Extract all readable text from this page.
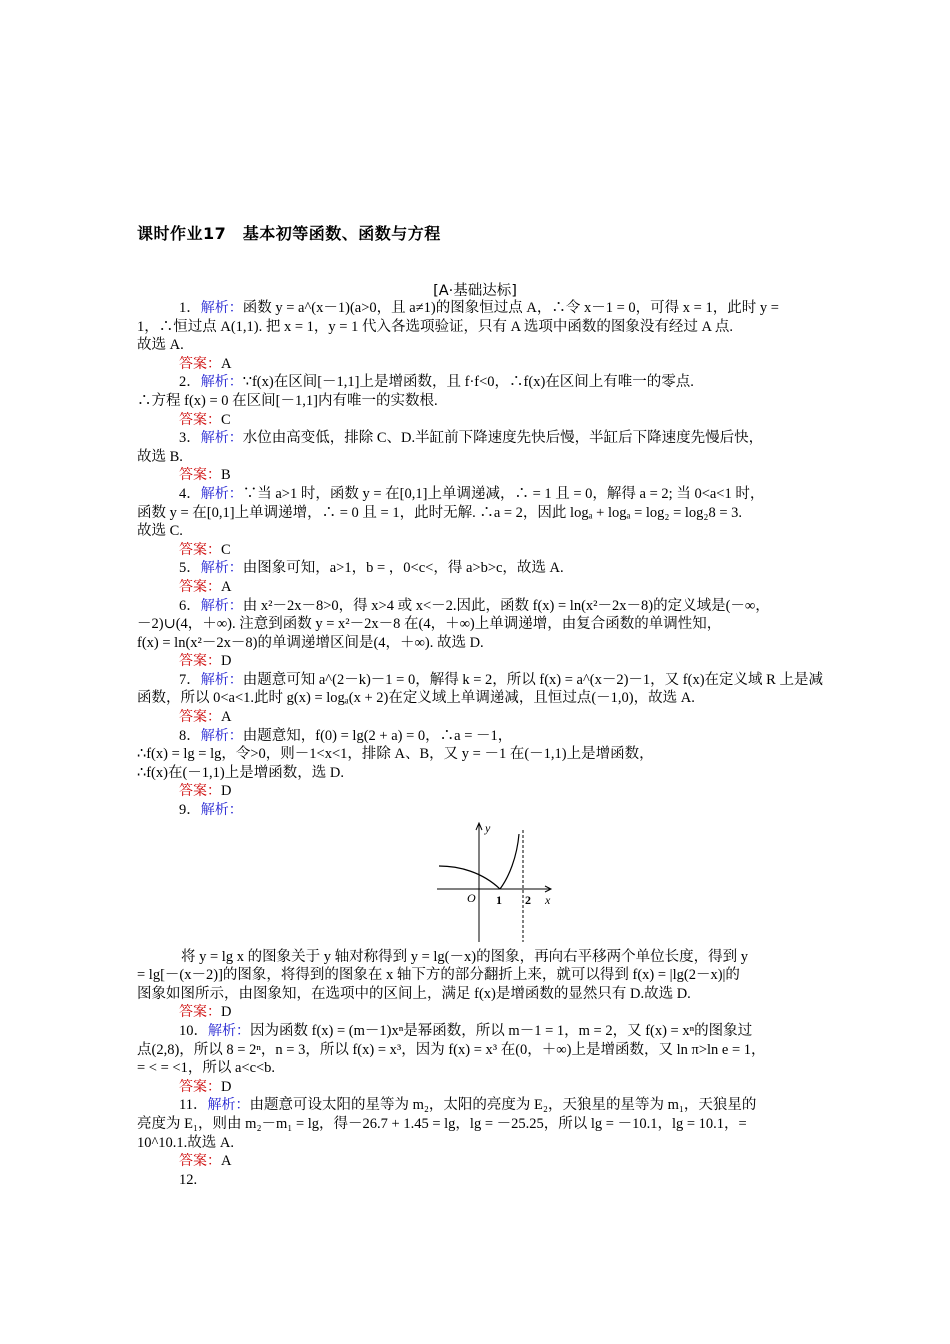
课时作业17　基本初等函数、函数与方程
[A·基础达标]
1．解析：函数 y = a^(x－1)(a>0，且 a≠1)的图象恒过点 A，∴令 x－1 = 0，可得 x = 1，此时 y =
1，∴恒过点 A(1,1). 把 x = 1，y = 1 代入各选项验证，只有 A 选项中函数的图象没有经过 A 点.
故选 A.
答案：A
2．解析：∵f(x)在区间[－1,1]上是增函数，且 f·f<0，∴f(x)在区间上有唯一的零点.
∴方程 f(x) = 0 在区间[－1,1]内有唯一的实数根.
答案：C
3．解析：水位由高变低，排除 C、D.半缸前下降速度先快后慢，半缸后下降速度先慢后快，
故选 B.
答案：B
4．解析：∵当 a>1 时，函数 y = 在[0,1]上单调递减，∴ = 1 且 = 0，解得 a = 2; 当 0<a<1 时，
函数 y = 在[0,1]上单调递增，∴ = 0 且 = 1，此时无解. ∴a = 2，因此 logₐ + logₐ = log₂ = log₂8 = 3.
故选 C.
答案：C
5．解析：由图象可知，a>1，b = ，0<c<，得 a>b>c，故选 A.
答案：A
6．解析：由 x²－2x－8>0，得 x>4 或 x<－2.因此，函数 f(x) = ln(x²－2x－8)的定义域是(－∞，
－2)∪(4，＋∞). 注意到函数 y = x²－2x－8 在(4，＋∞)上单调递增，由复合函数的单调性知，
f(x) = ln(x²－2x－8)的单调递增区间是(4，＋∞). 故选 D.
答案：D
7．解析：由题意可知 a^(2－k)－1 = 0，解得 k = 2，所以 f(x) = a^(x－2)－1，又 f(x)在定义域 R 上是减
函数，所以 0<a<1.此时 g(x) = logₐ(x + 2)在定义域上单调递减，且恒过点(－1,0)，故选 A.
答案：A
8．解析：由题意知，f(0) = lg(2 + a) = 0，∴a = －1，
∴f(x) = lg = lg，令>0，则－1<x<1，排除 A、B，又 y = －1 在(－1,1)上是增函数，
∴f(x)在(－1,1)上是增函数，选 D.
答案：D
9．解析：
y
x
O 1 2
将 y = lg x 的图象关于 y 轴对称得到 y = lg(－x)的图象，再向右平移两个单位长度，得到 y
= lg[－(x－2)]的图象，将得到的图象在 x 轴下方的部分翻折上来，就可以得到 f(x) = |lg(2－x)|的
图象如图所示，由图象知，在选项中的区间上，满足 f(x)是增函数的显然只有 D.故选 D.
答案：D
10．解析：因为函数 f(x) = (m－1)xⁿ是幂函数，所以 m－1 = 1，m = 2，又 f(x) = xⁿ的图象过
点(2,8)，所以 8 = 2ⁿ，n = 3，所以 f(x) = x³，因为 f(x) = x³ 在(0，＋∞)上是增函数，又 ln π>ln e = 1，
= < = <1，所以 a<c<b.
答案：D
11．解析：由题意可设太阳的星等为 m₂，太阳的亮度为 E₂，天狼星的星等为 m₁，天狼星的
亮度为 E₁，则由 m₂－m₁ = lg，得－26.7 + 1.45 = lg，lg = －25.25，所以 lg = －10.1，lg = 10.1，=
10^10.1.故选 A.
答案：A
12.
